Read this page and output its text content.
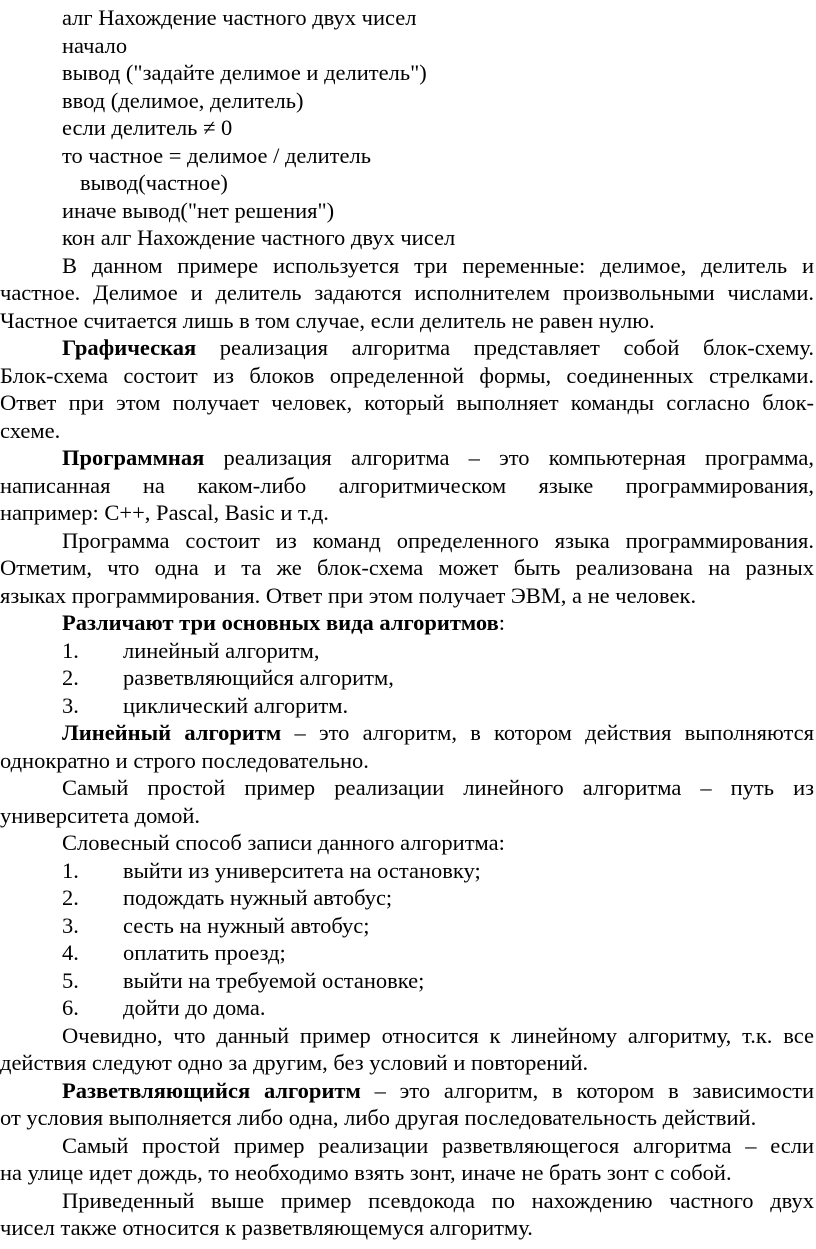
алг Нахождение частного двух чисел
начало
вывод ("задайте делимое и делитель")
ввод (делимое, делитель)
если делитель ≠ 0
то частное = делимое / делитель
вывод(частное)
иначе вывод("нет решения")
кон алг Нахождение частного двух чисел
В данном примере используется три переменные: делимое, делитель и
частное. Делимое и делитель задаются исполнителем произвольными числами.
Частное считается лишь в том случае, если делитель не равен нулю.
Графическая реализация алгоритма представляет собой блок-схему.
Блок-схема состоит из блоков определенной формы, соединенных стрелками.
Ответ при этом получает человек, который выполняет команды согласно блок-
схеме.
Программная реализация алгоритма – это компьютерная программа,
написанная на каком-либо алгоритмическом языке программирования,
например: C++, Pascal, Basic и т.д.
Программа состоит из команд определенного языка программирования.
Отметим, что одна и та же блок-схема может быть реализована на разных
языках программирования. Ответ при этом получает ЭВМ, а не человек.
Различают три основных вида алгоритмов:
1. линейный алгоритм,
2. разветвляющийся алгоритм,
3. циклический алгоритм.
Линейный алгоритм – это алгоритм, в котором действия выполняются
однократно и строго последовательно.
Самый простой пример реализации линейного алгоритма – путь из
университета домой.
Словесный способ записи данного алгоритма:
1. выйти из университета на остановку;
2. подождать нужный автобус;
3. сесть на нужный автобус;
4. оплатить проезд;
5. выйти на требуемой остановке;
6. дойти до дома.
Очевидно, что данный пример относится к линейному алгоритму, т.к. все
действия следуют одно за другим, без условий и повторений.
Разветвляющийся алгоритм – это алгоритм, в котором в зависимости
от условия выполняется либо одна, либо другая последовательность действий.
Самый простой пример реализации разветвляющегося алгоритма – если
на улице идет дождь, то необходимо взять зонт, иначе не брать зонт с собой.
Приведенный выше пример псевдокода по нахождению частного двух
чисел также относится к разветвляющемуся алгоритму.
